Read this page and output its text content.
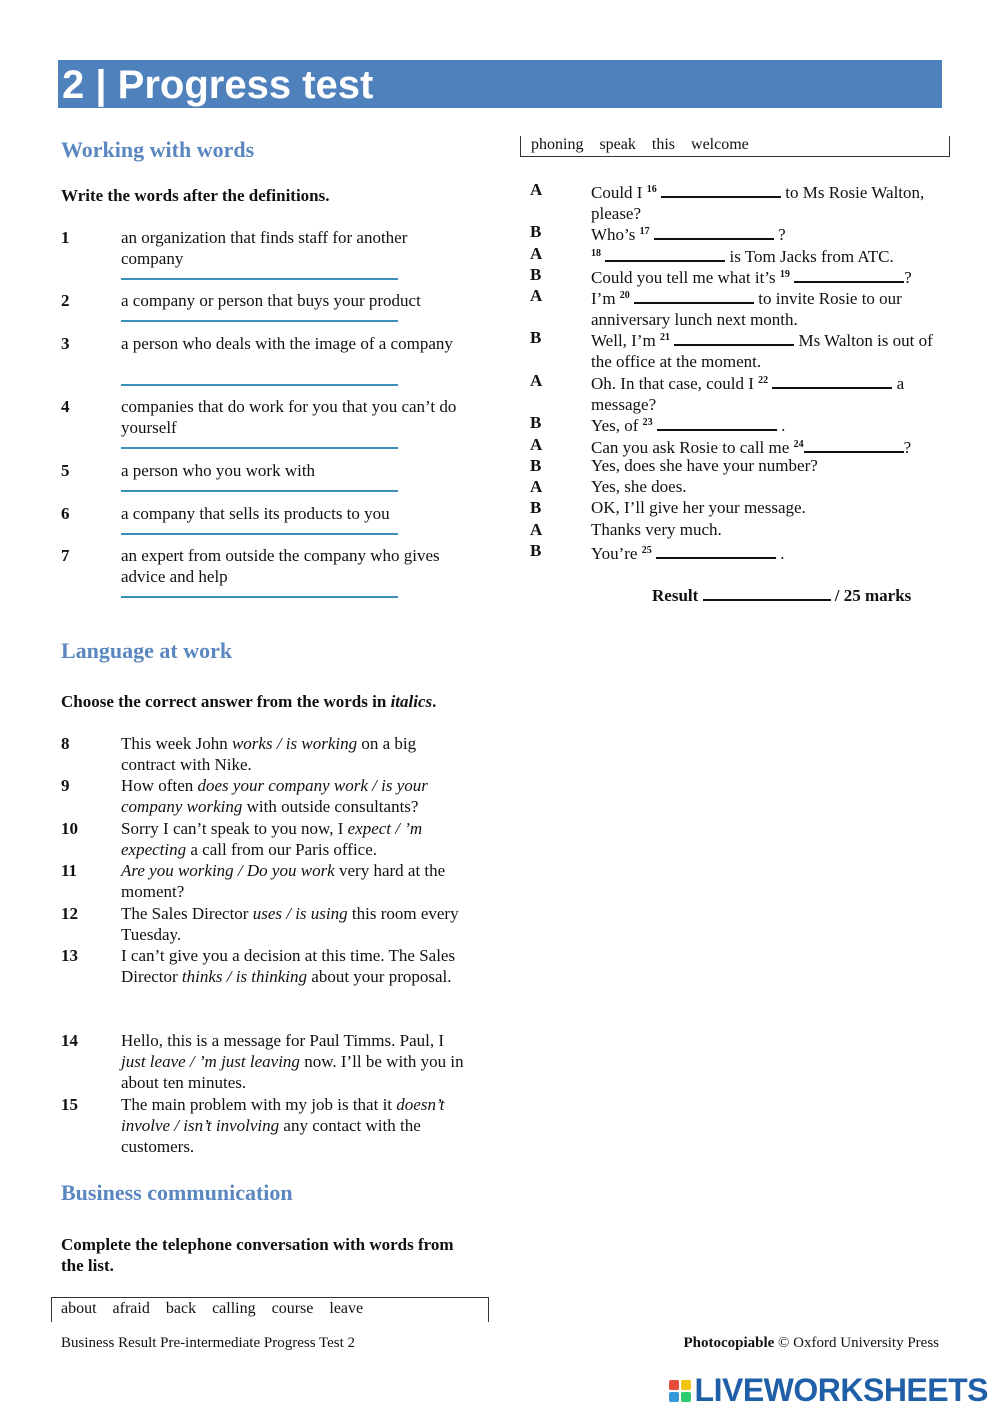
2 | Progress test
Working with words
Write the words after the definitions.
1	an organization that finds staff for another company
2	a company or person that buys your product
3	a person who deals with the image of a company
4	companies that do work for you that you can’t do yourself
5	a person who you work with
6	a company that sells its products to you
7	an expert from outside the company who gives advice and help
Language at work
Choose the correct answer from the words in italics.
8	This week John works / is working on a big contract with Nike.
9	How often does your company work / is your company working with outside consultants?
10	Sorry I can’t speak to you now, I expect / ’m expecting a call from our Paris office.
11	Are you working / Do you work very hard at the moment?
12	The Sales Director uses / is using this room every Tuesday.
13	I can’t give you a decision at this time. The Sales Director thinks / is thinking about your proposal.
14	Hello, this is a message for Paul Timms. Paul, I just leave / ’m just leaving now. I’ll be with you in about ten minutes.
15	The main problem with my job is that it doesn’t involve / isn’t involving any contact with the customers.
Business communication
Complete the telephone conversation with words from the list.
about afraid back calling course leave
phoning speak this welcome
A	Could I $^{16}$	to Ms Rosie Walton, please?
B	Who’s $^{17}$	?
A	$^{18}$	is Tom Jacks from ATC.
B	Could you tell me what it’s $^{19}$	?
A	I’m $^{20}$	to invite Rosie to our anniversary lunch next month.
B	Well, I’m $^{21}$	Ms Walton is out of the office at the moment.
A	Oh. In that case, could I $^{22}$	a message?
B	Yes, of $^{23}$	.
A	Can you ask Rosie to call me $^{24}$	?
B	Yes, does she have your number?
A	Yes, she does.
B	OK, I’ll give her your message.
A	Thanks very much.
B	You’re $^{25}$	.
Result	/ 25 marks
Business Result Pre-intermediate Progress Test 2	Photocopiable © Oxford University Press
LIVEWORKSHEETS
